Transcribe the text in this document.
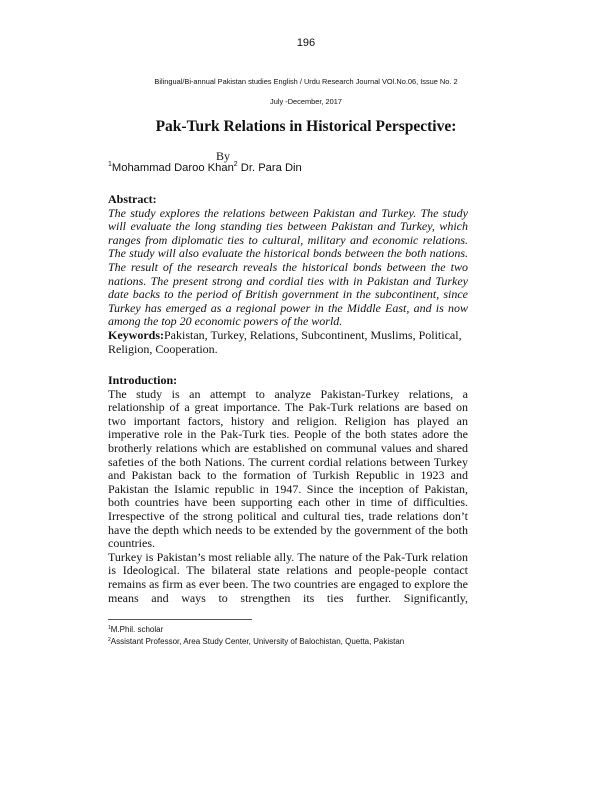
196
Bilingual/Bi-annual Pakistan studies English / Urdu Research Journal VOl.No.06, Issue No. 2
July -December, 2017
Pak-Turk Relations in Historical Perspective:
By
$^1$Mohammad Daroo Khan$^2$ Dr. Para Din
Abstract:
The study explores the relations between Pakistan and Turkey. The study will evaluate the long standing ties between Pakistan and Turkey, which ranges from diplomatic ties to cultural, military and economic relations. The study will also evaluate the historical bonds between the both nations. The result of the research reveals the historical bonds between the two nations. The present strong and cordial ties with in Pakistan and Turkey date backs to the period of British government in the subcontinent, since Turkey has emerged as a regional power in the Middle East, and is now among the top 20 economic powers of the world.
Keywords:Pakistan, Turkey, Relations, Subcontinent, Muslims, Political, Religion, Cooperation.
Introduction:
The study is an attempt to analyze Pakistan-Turkey relations, a relationship of a great importance. The Pak-Turk relations are based on two important factors, history and religion. Religion has played an imperative role in the Pak-Turk ties. People of the both states adore the brotherly relations which are established on communal values and shared safeties of the both Nations. The current cordial relations between Turkey and Pakistan back to the formation of Turkish Republic in 1923 and Pakistan the Islamic republic in 1947. Since the inception of Pakistan, both countries have been supporting each other in time of difficulties. Irrespective of the strong political and cultural ties, trade relations don’t have the depth which needs to be extended by the government of the both countries.
Turkey is Pakistan’s most reliable ally. The nature of the Pak-Turk relation is Ideological. The bilateral state relations and people-people contact remains as firm as ever been. The two countries are engaged to explore the means and ways to strengthen its ties further. Significantly,
$^1$M.Phil. scholar
$^2$Assistant Professor, Area Study Center, University of Balochistan, Quetta, Pakistan
